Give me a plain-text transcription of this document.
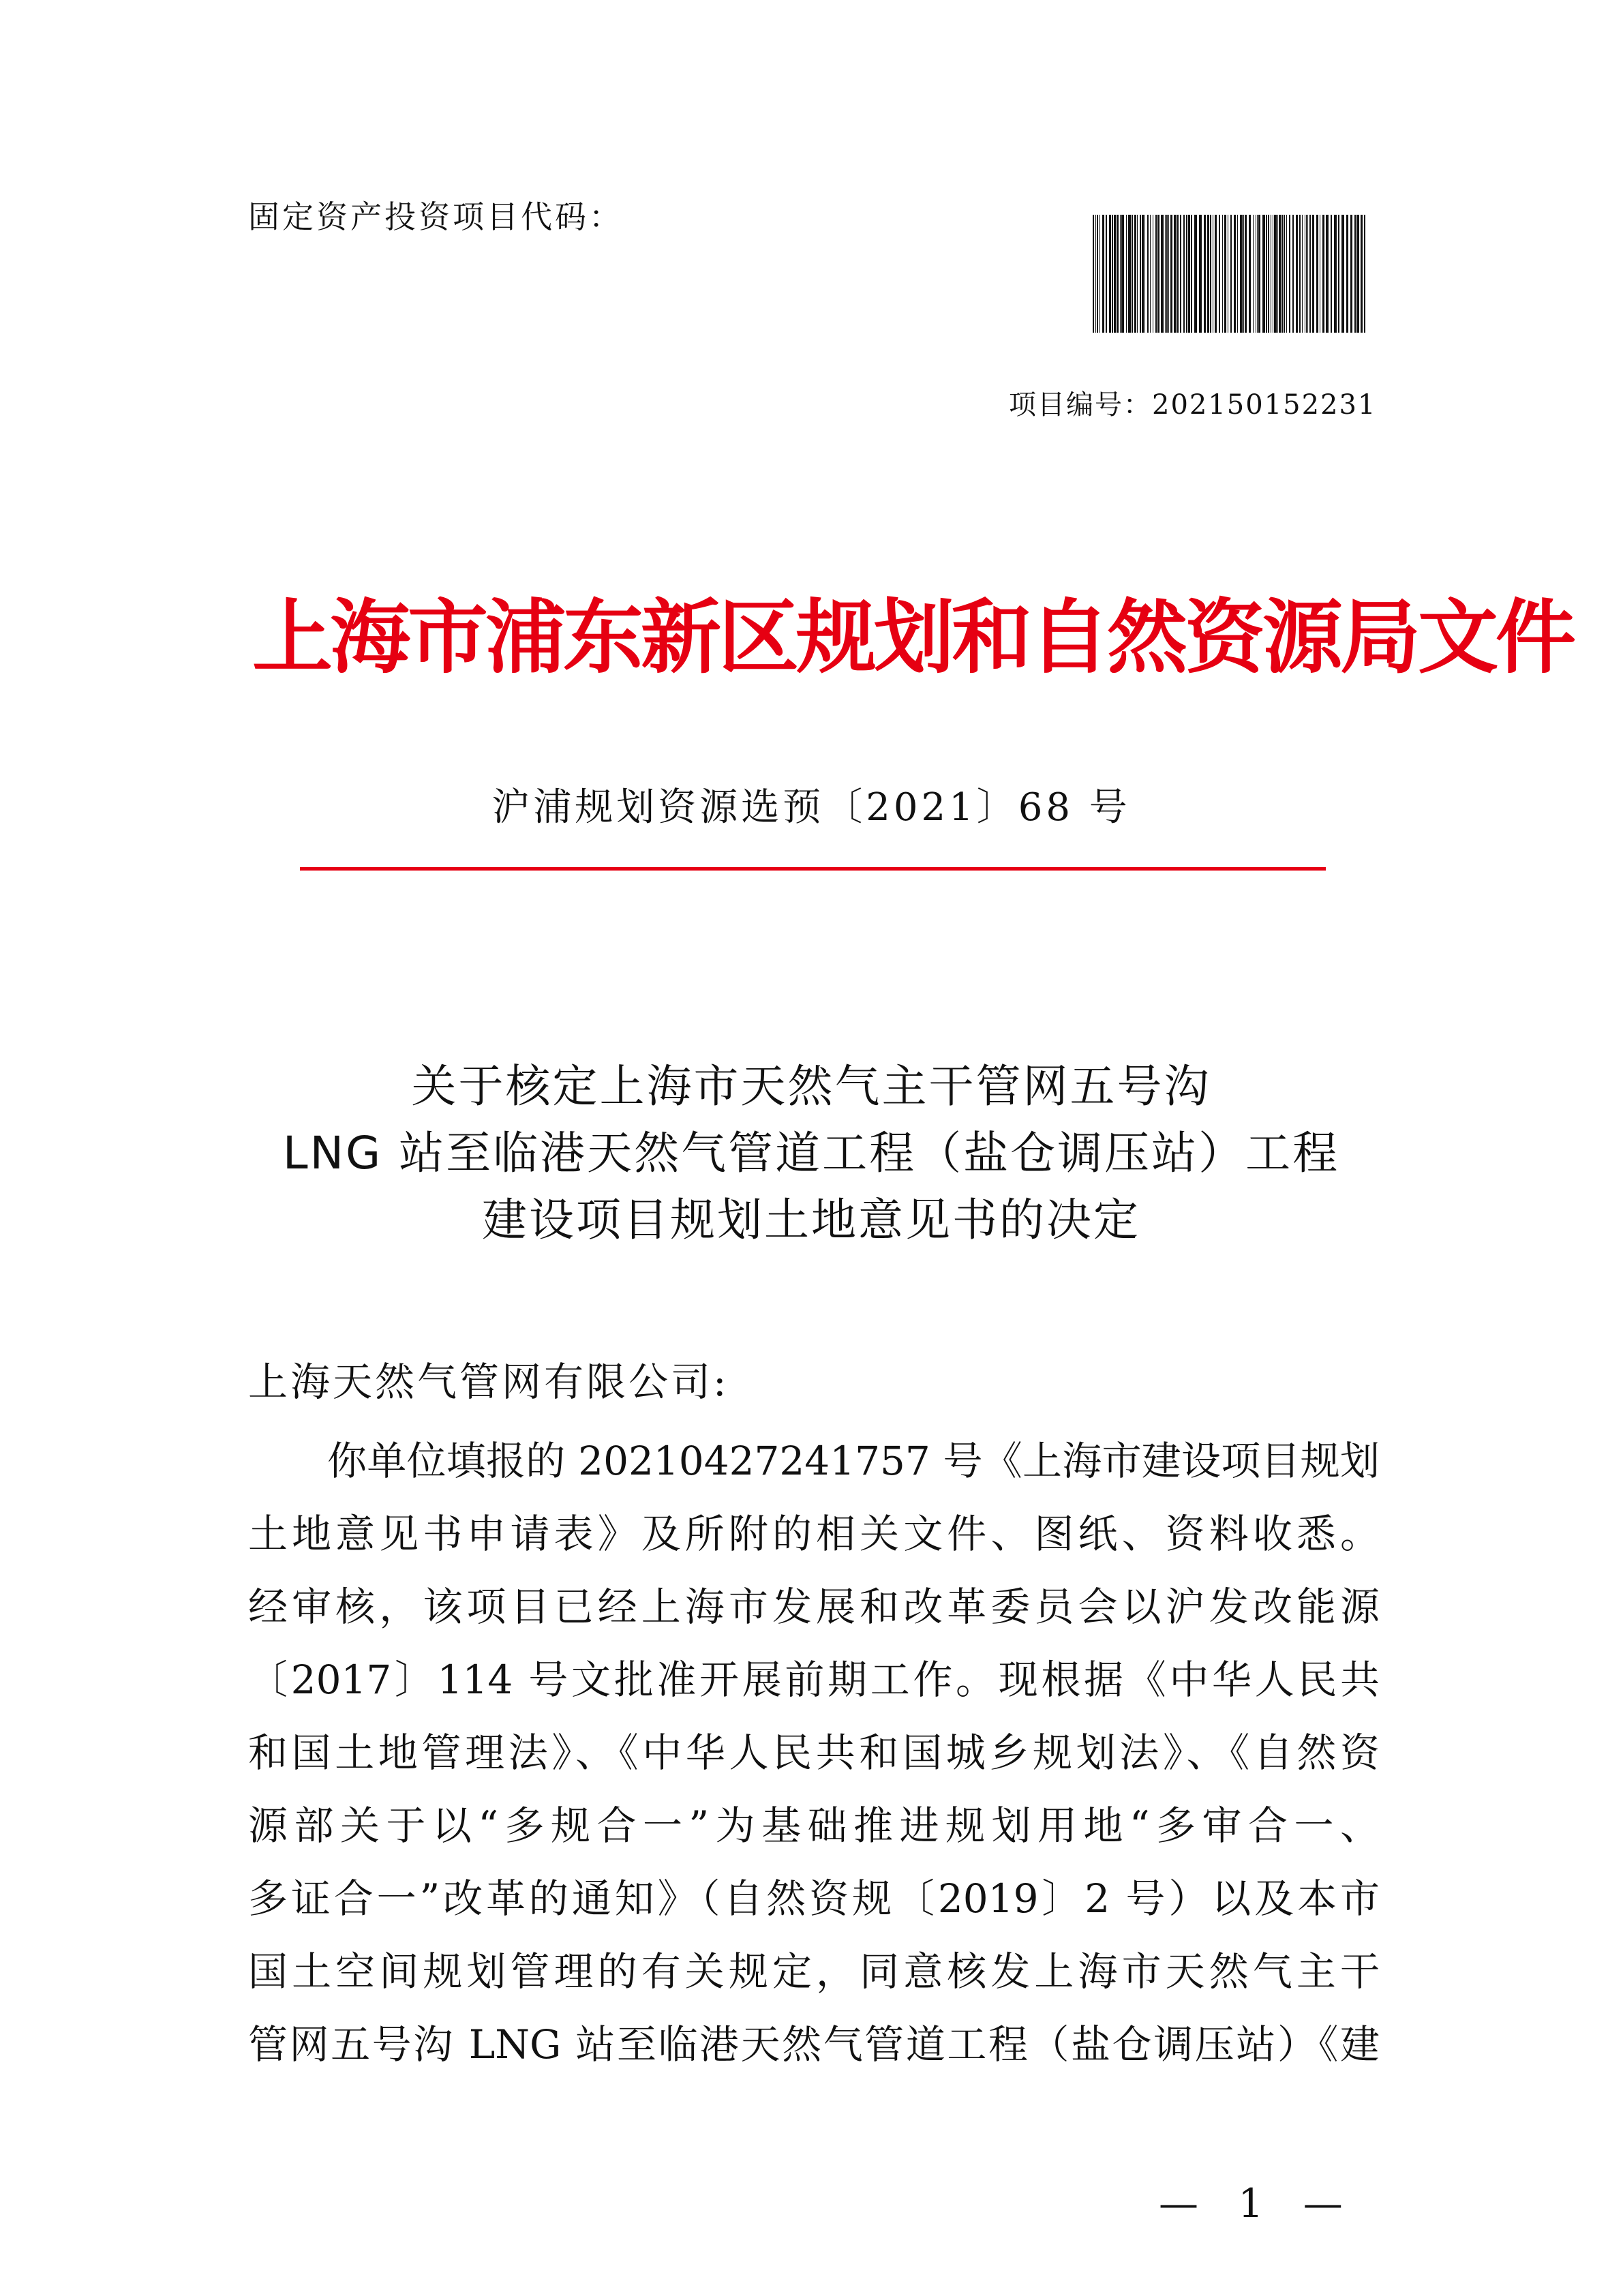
固定资产投资项目代码：
项目编号：202150152231
上海市浦东新区规划和自然资源局文件
沪浦规划资源选预〔2021〕68 号
关于核定上海市天然气主干管网五号沟
LNG 站至临港天然气管道工程（盐仓调压站）工程
建设项目规划土地意见书的决定
上海天然气管网有限公司:
你单位填报的 20210427241757 号《上海市建设项目规划
土地意见书申请表》及所附的相关文件、图纸、资料收悉。
经审核，该项目已经上海市发展和改革委员会以沪发改能源
〔2017〕114 号文批准开展前期工作。现根据《中华人民共
和国土地管理法》、《中华人民共和国城乡规划法》、《自然资
源部关于以“多规合一”为基础推进规划用地“多审合一、
多证合一”改革的通知》（自然资规〔2019〕2 号）以及本市
国土空间规划管理的有关规定，同意核发上海市天然气主干
管网五号沟 LNG 站至临港天然气管道工程（盐仓调压站）《建
— 1 —
